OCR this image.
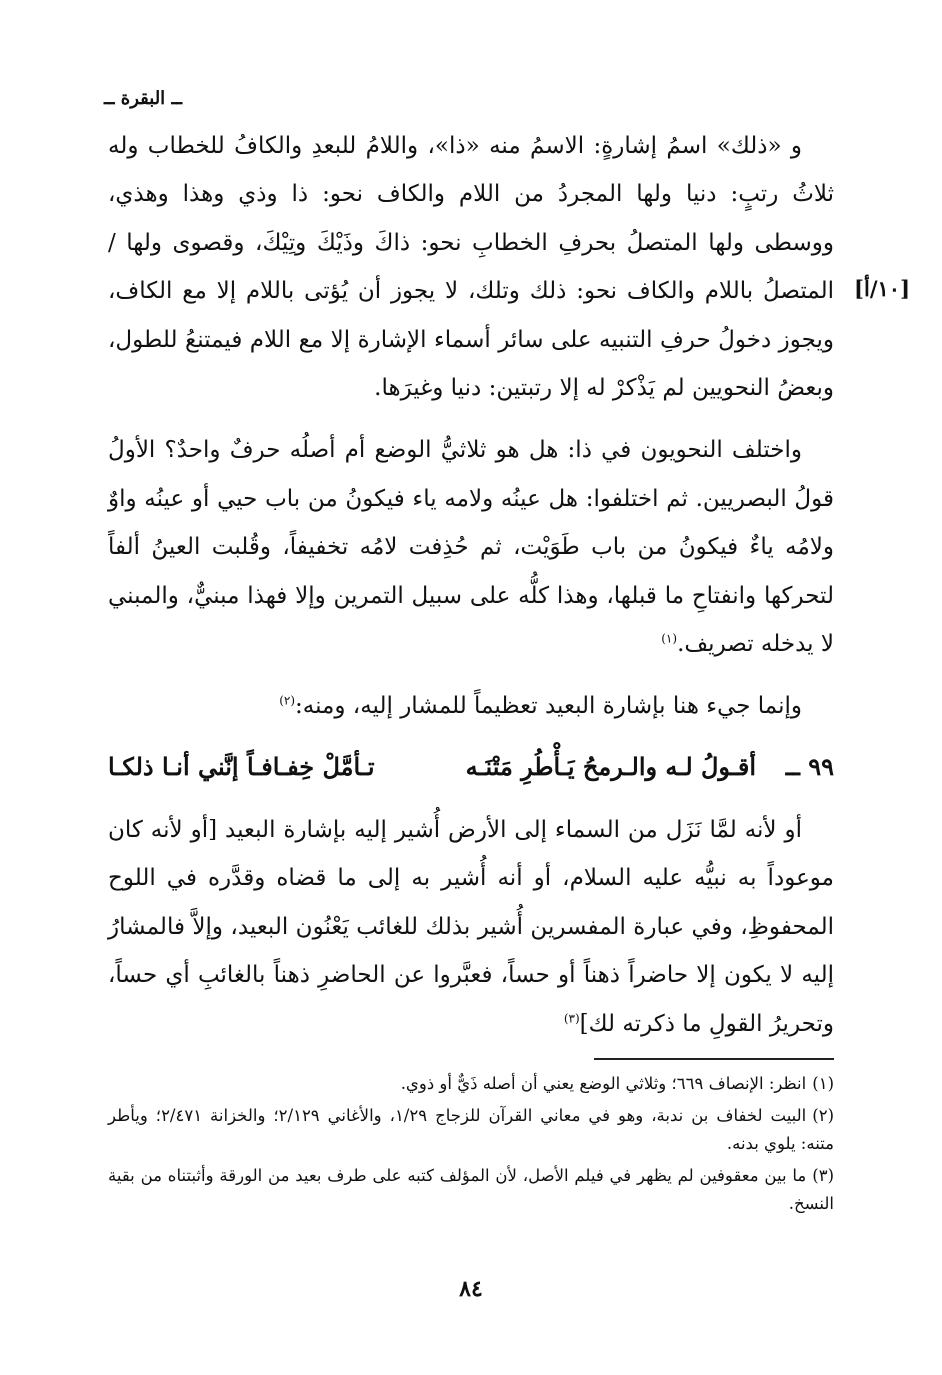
ــ البقرة ــ
[١٠/أ]

و «ذلك» اسمُ إشارةٍ: الاسمُ منه «ذا»، واللامُ للبعدِ والكافُ للخطاب وله ثلاثُ رتبٍ: دنيا ولها المجردُ من اللام والكاف نحو: ذا وذي وهذا وهذي، ووسطى ولها المتصلُ بحرفِ الخطابِ نحو: ذاكَ وذَيْكَ وتِيْكَ، وقصوى ولها / المتصلُ باللام والكاف نحو: ذلك وتلك، لا يجوز أن يُؤتى باللام إلا مع الكاف، ويجوز دخولُ حرفِ التنبيه على سائر أسماء الإشارة إلا مع اللام فيمتنعُ للطول، وبعضُ النحويين لم يَذْكرْ له إلا رتبتين: دنيا وغيرَها.

واختلف النحويون في ذا: هل هو ثلاثيُّ الوضع أم أصلُه حرفٌ واحدٌ؟ الأولُ قولُ البصريين. ثم اختلفوا: هل عينُه ولامه ياء فيكونُ من باب حيي أو عينُه واوٌ ولامُه ياءٌ فيكونُ من باب طَوَيْت، ثم حُذِفت لامُه تخفيفاً، وقُلبت العينُ ألفاً لتحركها وانفتاحِ ما قبلها، وهذا كلُّه على سبيل التمرين وإلا فهذا مبنيٌّ، والمبني لا يدخله تصريف.$^{(١)}$

وإنما جيء هنا بإشارة البعيد تعظيماً للمشار إليه، ومنه:$^{(٢)}$

٩٩ ــ
أقـولُ لـه والـرمحُ يَـأْطُرِ مَتْنَـه
تـأمَّلْ خِفـافـاً إنَّني أنـا ذلكـا

أو لأنه لمَّا نَزَل من السماء إلى الأرض أُشير إليه بإشارة البعيد [أو لأنه كان موعوداً به نبيُّه عليه السلام، أو أنه أُشير به إلى ما قضاه وقدَّره في اللوح المحفوظِ، وفي عبارة المفسرين أُشير بذلك للغائب يَعْنُون البعيد، وإلاَّ فالمشارُ إليه لا يكون إلا حاضراً ذهناً أو حساً، فعبَّروا عن الحاضرِ ذهناً بالغائبِ أي حساً، وتحريرُ القولِ ما ذكرته لك]$^{(٣)}$

(١)انظر: الإنصاف ٦٦٩؛ وثلاثي الوضع يعني أن أصله ذَيٌّ أو ذوي.

(٢)البيت لخفاف بن ندبة، وهو في معاني القرآن للزجاج ١/٢٩، والأغاني ٢/١٢٩؛ والخزانة ٢/٤٧١؛ ويأطر متنه: يلوي بدنه.

(٣)ما بين معقوفين لم يظهر في فيلم الأصل، لأن المؤلف كتبه على طرف بعيد من الورقة وأثبتناه من بقية النسخ.

٨٤
